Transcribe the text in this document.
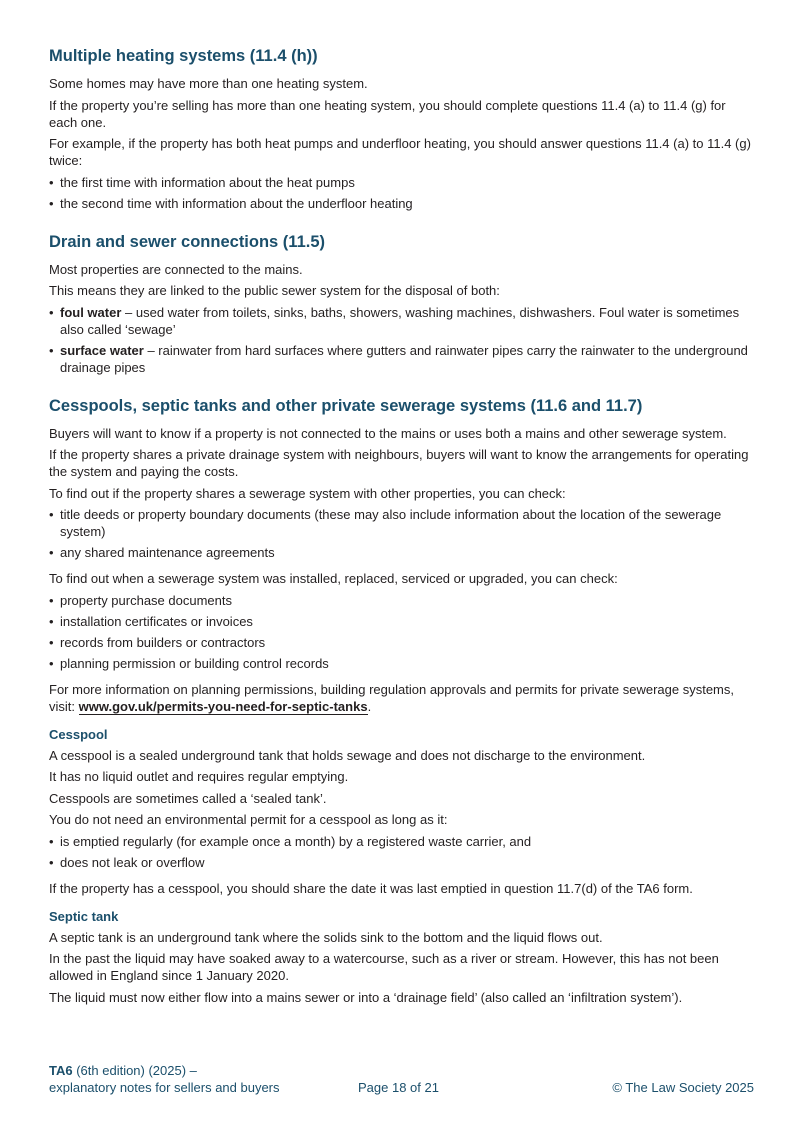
Multiple heating systems (11.4 (h))

Some homes may have more than one heating system.

If the property you’re selling has more than one heating system, you should complete questions 11.4 (a) to 11.4 (g) for each one.

For example, if the property has both heat pumps and underfloor heating, you should answer questions 11.4 (a) to 11.4 (g) twice:

• the first time with information about the heat pumps
• the second time with information about the underfloor heating
Drain and sewer connections (11.5)

Most properties are connected to the mains.

This means they are linked to the public sewer system for the disposal of both:

• foul water – used water from toilets, sinks, baths, showers, washing machines, dishwashers. Foul water is sometimes also called ‘sewage’
• surface water – rainwater from hard surfaces where gutters and rainwater pipes carry the rainwater to the underground drainage pipes
Cesspools, septic tanks and other private sewerage systems (11.6 and 11.7)

Buyers will want to know if a property is not connected to the mains or uses both a mains and other sewerage system.

If the property shares a private drainage system with neighbours, buyers will want to know the arrangements for operating the system and paying the costs.

To find out if the property shares a sewerage system with other properties, you can check:

• title deeds or property boundary documents (these may also include information about the location of the sewerage system)
• any shared maintenance agreements

To find out when a sewerage system was installed, replaced, serviced or upgraded, you can check:

• property purchase documents
• installation certificates or invoices
• records from builders or contractors
• planning permission or building control records

For more information on planning permissions, building regulation approvals and permits for private sewerage systems, visit: www.gov.uk/permits-you-need-for-septic-tanks.

Cesspool

A cesspool is a sealed underground tank that holds sewage and does not discharge to the environment.

It has no liquid outlet and requires regular emptying.

Cesspools are sometimes called a ‘sealed tank’.

You do not need an environmental permit for a cesspool as long as it:

• is emptied regularly (for example once a month) by a registered waste carrier, and
• does not leak or overflow

If the property has a cesspool, you should share the date it was last emptied in question 11.7(d) of the TA6 form.

Septic tank

A septic tank is an underground tank where the solids sink to the bottom and the liquid flows out.

In the past the liquid may have soaked away to a watercourse, such as a river or stream. However, this has not been allowed in England since 1 January 2020.

The liquid must now either flow into a mains sewer or into a ‘drainage field’ (also called an ‘infiltration system’).

TA6 (6th edition) (2025) –
explanatory notes for sellers and buyers	Page 18 of 21	© The Law Society 2025
